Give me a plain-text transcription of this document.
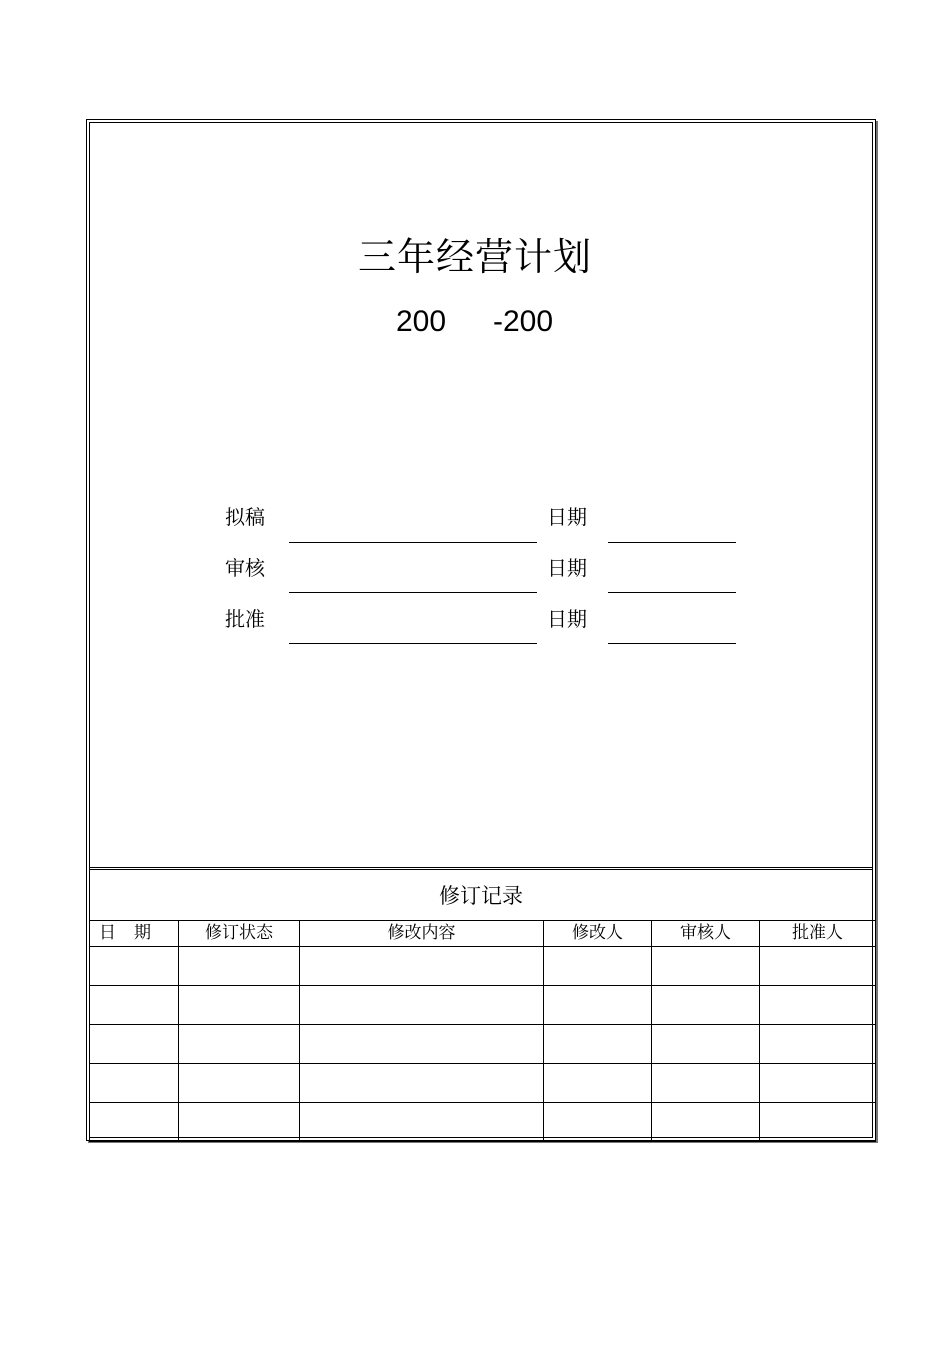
三年经营计划
200 -200
拟稿	日期
审核	日期
批准	日期
修订记录
日期	修订状态	修改内容	修改人	审核人	批准人
